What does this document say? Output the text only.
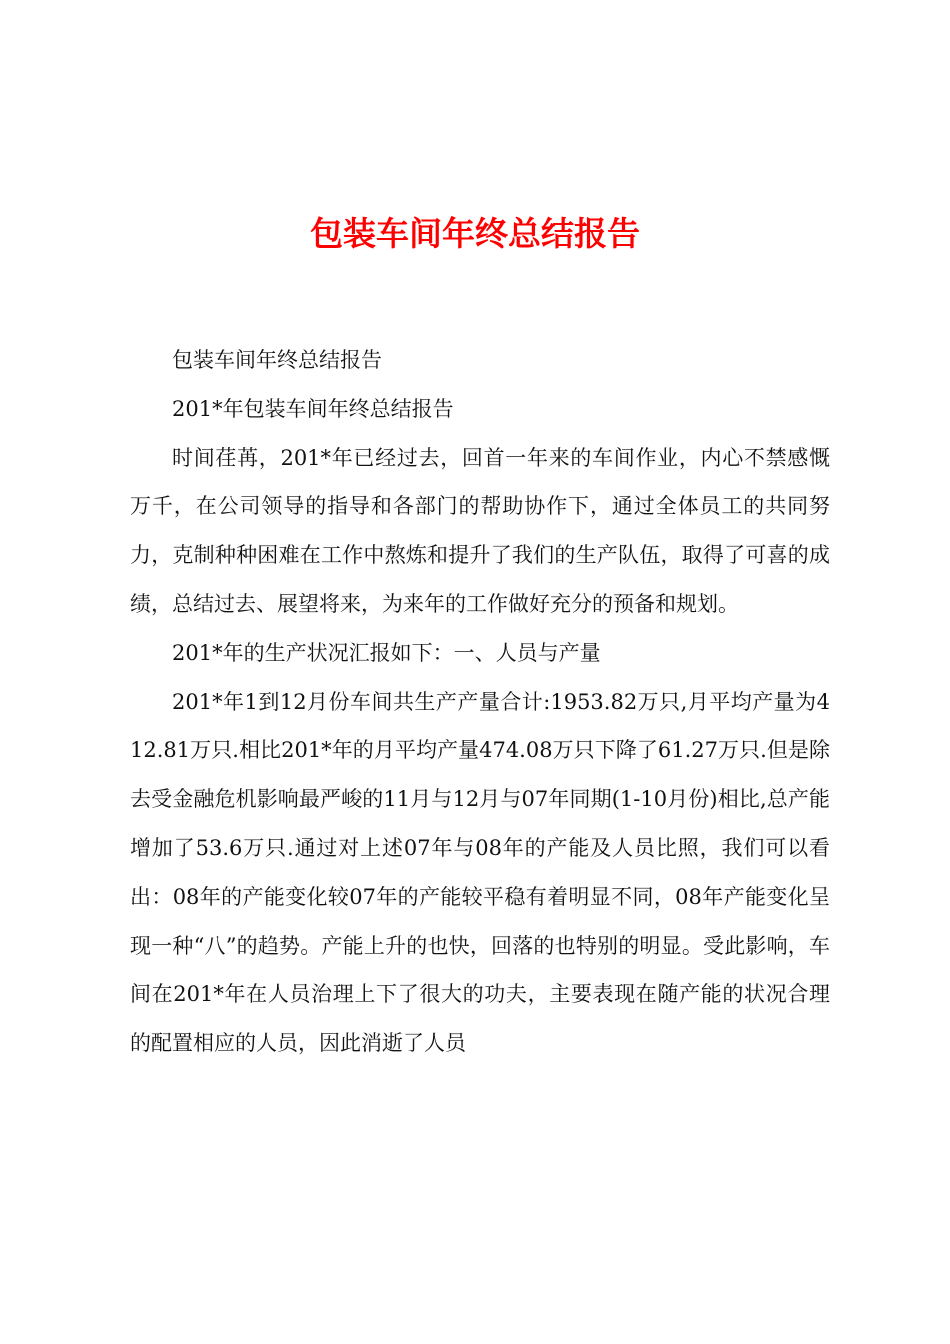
包装车间年终总结报告

包装车间年终总结报告

201*年包装车间年终总结报告

时间荏苒，201*年已经过去，回首一年来的车间作业，内心不禁感慨万千，在公司领导的指导和各部门的帮助协作下，通过全体员工的共同努力，克制种种困难在工作中熬炼和提升了我们的生产队伍，取得了可喜的成绩，总结过去、展望将来，为来年的工作做好充分的预备和规划。

201*年的生产状况汇报如下：一、人员与产量

201*年1到12月份车间共生产产量合计:1953.82万只,月平均产量为412.81万只.相比201*年的月平均产量474.08万只下降了61.27万只.但是除去受金融危机影响最严峻的11月与12月与07年同期(1-10月份)相比,总产能增加了53.6万只.通过对上述07年与08年的产能及人员比照，我们可以看出：08年的产能变化较07年的产能较平稳有着明显不同，08年产能变化呈现一种“八”的趋势。产能上升的也快，回落的也特别的明显。受此影响，车间在201*年在人员治理上下了很大的功夫，主要表现在随产能的状况合理的配置相应的人员，因此消逝了人员
